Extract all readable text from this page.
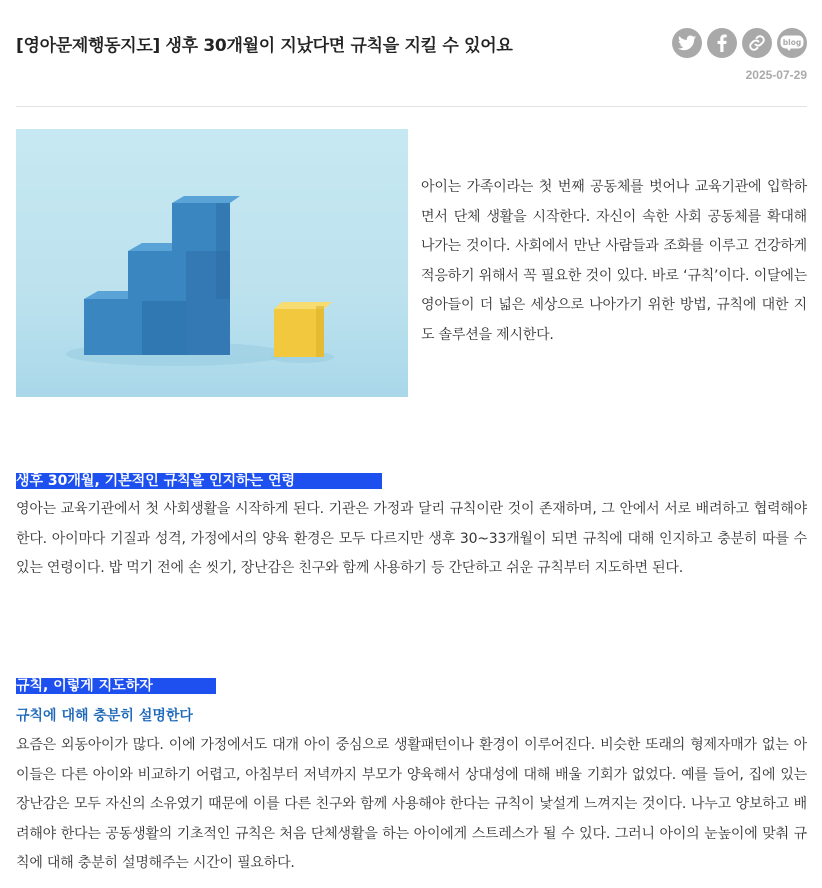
[영아문제행동지도] 생후 30개월이 지났다면 규칙을 지킬 수 있어요	blog
2025-07-29
아이는 가족이라는 첫 번째 공동체를 벗어나 교육기관에 입학하면서 단체 생활을 시작한다. 자신이 속한 사회 공동체를 확대해 나가는 것이다. 사회에서 만난 사람들과 조화를 이루고 건강하게 적응하기 위해서 꼭 필요한 것이 있다. 바로 ‘규칙’이다. 이달에는 영아들이 더 넓은 세상으로 나아가기 위한 방법, 규칙에 대한 지도 솔루션을 제시한다.
생후 30개월, 기본적인 규칙을 인지하는 연령
영아는 교육기관에서 첫 사회생활을 시작하게 된다. 기관은 가정과 달리 규칙이란 것이 존재하며, 그 안에서 서로 배려하고 협력해야 한다. 아이마다 기질과 성격, 가정에서의 양육 환경은 모두 다르지만 생후 30~33개월이 되면 규칙에 대해 인지하고 충분히 따를 수 있는 연령이다. 밥 먹기 전에 손 씻기, 장난감은 친구와 함께 사용하기 등 간단하고 쉬운 규칙부터 지도하면 된다.
규칙, 이렇게 지도하자
규칙에 대해 충분히 설명한다
요즘은 외동아이가 많다. 이에 가정에서도 대개 아이 중심으로 생활패턴이나 환경이 이루어진다. 비슷한 또래의 형제자매가 없는 아이들은 다른 아이와 비교하기 어렵고, 아침부터 저녁까지 부모가 양육해서 상대성에 대해 배울 기회가 없었다. 예를 들어, 집에 있는 장난감은 모두 자신의 소유였기 때문에 이를 다른 친구와 함께 사용해야 한다는 규칙이 낯설게 느껴지는 것이다. 나누고 양보하고 배려해야 한다는 공동생활의 기초적인 규칙은 처음 단체생활을 하는 아이에게 스트레스가 될 수 있다. 그러니 아이의 눈높이에 맞춰 규칙에 대해 충분히 설명해주는 시간이 필요하다.
